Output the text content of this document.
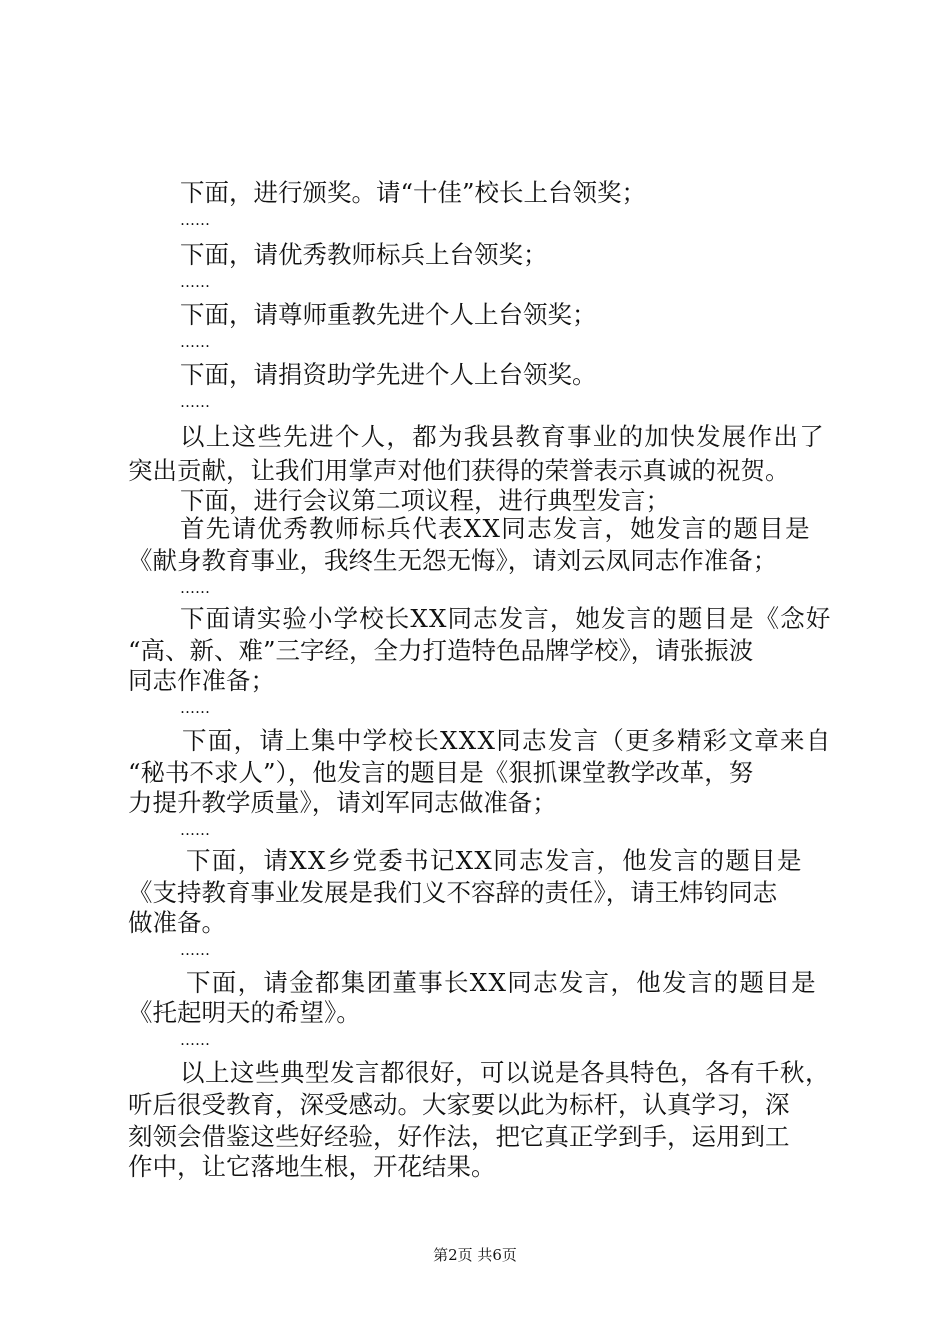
下面，进行颁奖。请“十佳”校长上台领奖；
……
下面，请优秀教师标兵上台领奖；
……
下面，请尊师重教先进个人上台领奖；
……
下面，请捐资助学先进个人上台领奖。
……
以上这些先进个人，都为我县教育事业的加快发展作出了
突出贡献，让我们用掌声对他们获得的荣誉表示真诚的祝贺。
下面，进行会议第二项议程，进行典型发言；
首先请优秀教师标兵代表XX同志发言，她发言的题目是
《献身教育事业，我终生无怨无悔》，请刘云凤同志作准备；
……
下面请实验小学校长XX同志发言，她发言的题目是《念好
“高、新、难”三字经，全力打造特色品牌学校》，请张振波
同志作准备；
……
下面，请上集中学校长XXX同志发言（更多精彩文章来自
“秘书不求人”），他发言的题目是《狠抓课堂教学改革，努
力提升教学质量》，请刘军同志做准备；
……
下面，请XX乡党委书记XX同志发言，他发言的题目是
《支持教育事业发展是我们义不容辞的责任》，请王炜钧同志
做准备。
……
下面，请金都集团董事长XX同志发言，他发言的题目是
《托起明天的希望》。
……
以上这些典型发言都很好，可以说是各具特色，各有千秋，
听后很受教育，深受感动。大家要以此为标杆，认真学习，深
刻领会借鉴这些好经验，好作法，把它真正学到手，运用到工
作中，让它落地生根，开花结果。
第2页 共6页
